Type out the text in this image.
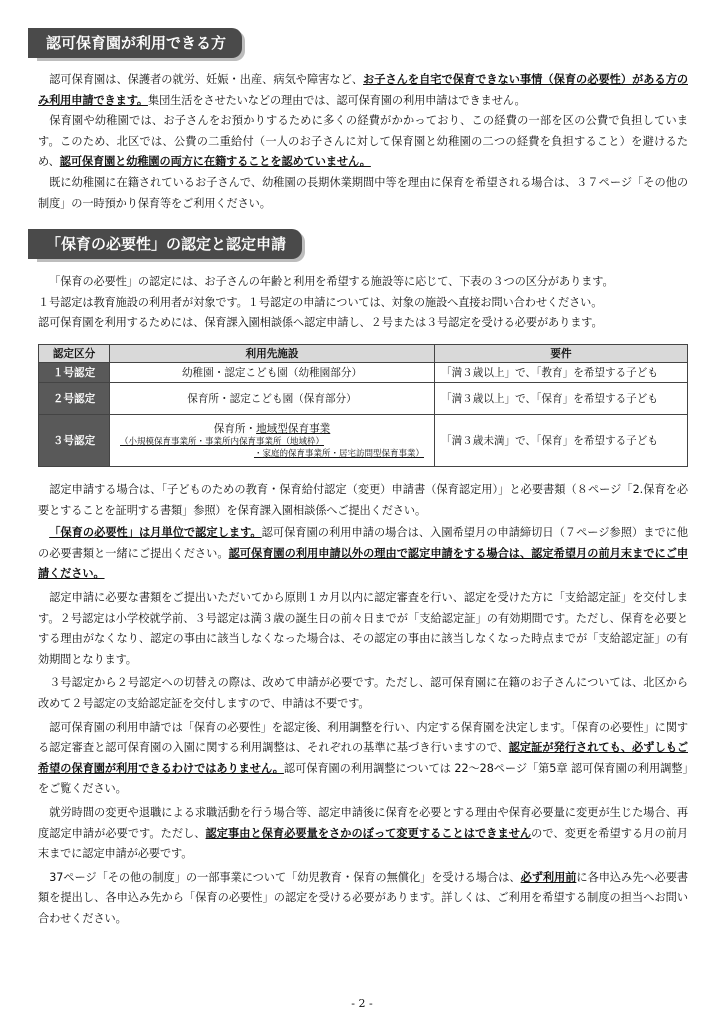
認可保育園が利用できる方

認可保育園は、保護者の就労、妊娠・出産、病気や障害など、お子さんを自宅で保育できない事情（保育の必要性）がある方のみ利用申請できます。集団生活をさせたいなどの理由では、認可保育園の利用申請はできません。

保育園や幼稚園では、お子さんをお預かりするために多くの経費がかかっており、この経費の一部を区の公費で負担しています。このため、北区では、公費の二重給付（一人のお子さんに対して保育園と幼稚園の二つの経費を負担すること）を避けるため、認可保育園と幼稚園の両方に在籍することを認めていません。

既に幼稚園に在籍されているお子さんで、幼稚園の長期休業期間中等を理由に保育を希望される場合は、３７ページ「その他の制度」の一時預かり保育等をご利用ください。

「保育の必要性」の認定と認定申請

「保育の必要性」の認定には、お子さんの年齢と利用を希望する施設等に応じて、下表の３つの区分があります。

１号認定は教育施設の利用者が対象です。１号認定の申請については、対象の施設へ直接お問い合わせください。

認可保育園を利用するためには、保育課入園相談係へ認定申請し、２号または３号認定を受ける必要があります。

認定区分	利用先施設	要件
１号認定	幼稚園・認定こども園（幼稚園部分）	「満３歳以上」で、「教育」を希望する子ども
２号認定	保育所・認定こども園（保育部分）	「満３歳以上」で、「保育」を希望する子ども
３号認定	保育所・地域型保育事業
（小規模保育事業所・事業所内保育事業所（地域枠）
・家庭的保育事業所・居宅訪問型保育事業）	「満３歳未満」で、「保育」を希望する子ども

認定申請する場合は、「子どものための教育・保育給付認定（変更）申請書（保育認定用）」と必要書類（８ページ「2.保育を必要とすることを証明する書類」参照）を保育課入園相談係へご提出ください。

「保育の必要性」は月単位で認定します。認可保育園の利用申請の場合は、入園希望月の申請締切日（７ページ参照）までに他の必要書類と一緒にご提出ください。認可保育園の利用申請以外の理由で認定申請をする場合は、認定希望月の前月末までにご申請ください。

認定申請に必要な書類をご提出いただいてから原則１カ月以内に認定審査を行い、認定を受けた方に「支給認定証」を交付します。２号認定は小学校就学前、３号認定は満３歳の誕生日の前々日までが「支給認定証」の有効期間です。ただし、保育を必要とする理由がなくなり、認定の事由に該当しなくなった場合は、その認定の事由に該当しなくなった時点までが「支給認定証」の有効期間となります。

３号認定から２号認定への切替えの際は、改めて申請が必要です。ただし、認可保育園に在籍のお子さんについては、北区から改めて２号認定の支給認定証を交付しますので、申請は不要です。

認可保育園の利用申請では「保育の必要性」を認定後、利用調整を行い、内定する保育園を決定します。「保育の必要性」に関する認定審査と認可保育園の入園に関する利用調整は、それぞれの基準に基づき行いますので、認定証が発行されても、必ずしもご希望の保育園が利用できるわけではありません。認可保育園の利用調整については 22～28ページ「第5章 認可保育園の利用調整」をご覧ください。

就労時間の変更や退職による求職活動を行う場合等、認定申請後に保育を必要とする理由や保育必要量に変更が生じた場合、再度認定申請が必要です。ただし、認定事由と保育必要量をさかのぼって変更することはできませんので、変更を希望する月の前月末までに認定申請が必要です。

37ページ「その他の制度」の一部事業について「幼児教育・保育の無償化」を受ける場合は、必ず利用前に各申込み先へ必要書類を提出し、各申込み先から「保育の必要性」の認定を受ける必要があります。詳しくは、ご利用を希望する制度の担当へお問い合わせください。

- 2 -
